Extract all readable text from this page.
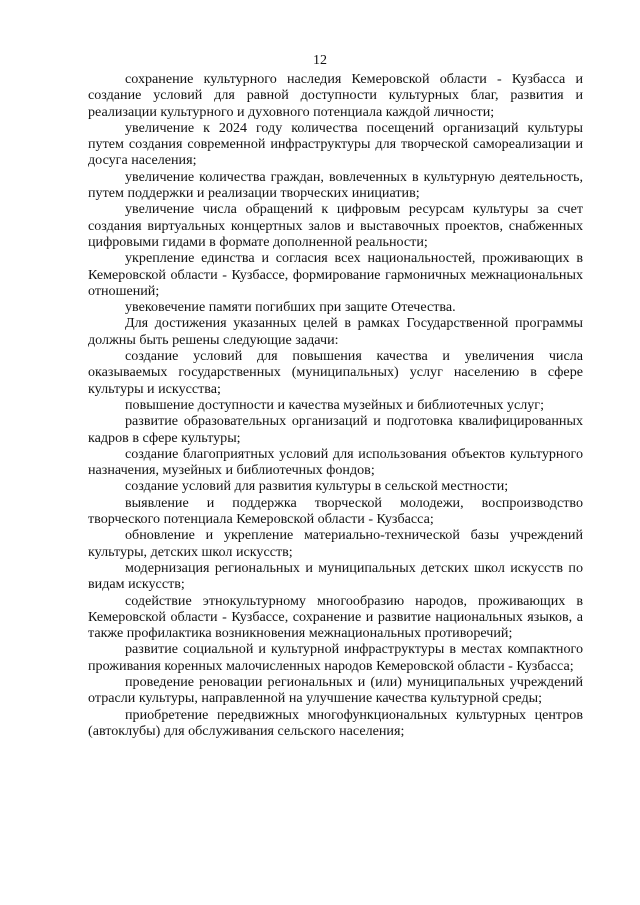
12

сохранение культурного наследия Кемеровской области - Кузбасса и создание условий для равной доступности культурных благ, развития и реализации культурного и духовного потенциала каждой личности;

увеличение к 2024 году количества посещений организаций культуры путем создания современной инфраструктуры для творческой самореализации и досуга населения;

увеличение количества граждан, вовлеченных в культурную деятельность, путем поддержки и реализации творческих инициатив;

увеличение числа обращений к цифровым ресурсам культуры за счет создания виртуальных концертных залов и выставочных проектов, снабженных цифровыми гидами в формате дополненной реальности;

укрепление единства и согласия всех национальностей, проживающих в Кемеровской области - Кузбассе, формирование гармоничных межнациональных отношений;

увековечение памяти погибших при защите Отечества.

Для достижения указанных целей в рамках Государственной программы должны быть решены следующие задачи:

создание условий для повышения качества и увеличения числа оказываемых государственных (муниципальных) услуг населению в сфере культуры и искусства;

повышение доступности и качества музейных и библиотечных услуг;

развитие образовательных организаций и подготовка квалифицированных кадров в сфере культуры;

создание благоприятных условий для использования объектов культурного назначения, музейных и библиотечных фондов;

создание условий для развития культуры в сельской местности;

выявление и поддержка творческой молодежи, воспроизводство творческого потенциала Кемеровской области - Кузбасса;

обновление и укрепление материально-технической базы учреждений культуры, детских школ искусств;

модернизация региональных и муниципальных детских школ искусств по видам искусств;

содействие этнокультурному многообразию народов, проживающих в Кемеровской области - Кузбассе, сохранение и развитие национальных языков, а также профилактика возникновения межнациональных противоречий;

развитие социальной и культурной инфраструктуры в местах компактного проживания коренных малочисленных народов Кемеровской области - Кузбасса;

проведение реновации региональных и (или) муниципальных учреждений отрасли культуры, направленной на улучшение качества культурной среды;

приобретение передвижных многофункциональных культурных центров (автоклубы) для обслуживания сельского населения;
